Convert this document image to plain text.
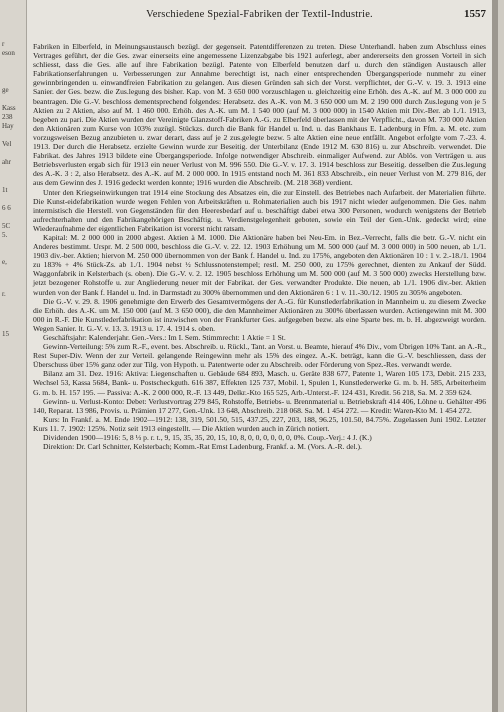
r
eson
ge
Kass
238
Hay
Vel
ahr
1t
6 6
5C
5.
e,
r.
15
Verschiedene Spezial-Fabriken der Textil-Industrie.	1557

Fabriken in Elberfeld, in Meinungsaustausch bezügl. der gegenseit. Patentdifferenzen zu treten. Diese Unterhandl. haben zum Abschluss eines Vertrages geführt, der die Ges. zwar einerseits eine angemessene Lizenzabgabe bis 1921 auferlegt, aber andererseits den grossen Vorteil in sich schliesst, dass die Ges. alle auf ihre Fabrikation bezügl. Patente von Elberfeld benutzen darf u. durch den ständigen Austausch aller Fabrikationserfahrungen u. Verbesserungen zur Annahme berechtigt ist, nach einer entsprechenden Übergangsperiode nunmehr zu einer gewinnbringenden u. einwandfreien Fabrikation zu gelangen. Aus diesen Gründen sah sich der Vorst. verpflichtet, der G.-V. v. 19. 3. 1913 eine Sanier. der Ges. bezw. die Zus.legung des bisher. Kap. von M. 3 650 000 vorzuschlagen u. gleichzeitig eine Erhöh. des A.-K. auf M. 3 000 000 zu beantragen. Die G.-V. beschloss dementsprechend folgendes: Herabsetz. des A.-K. von M. 3 650 000 um M. 2 190 000 durch Zus.legung von je 5 Aktien zu 2 Aktien, also auf M. 1 460 000. Erhöh. des A.-K. um M. 1 540 000 (auf M. 3 000 000) in 1540 Aktien mit Div.-Ber. ab 1./1. 1913, begeben zu pari. Die Aktien wurden der Vereinigte Glanzstoff-Fabriken A.-G. zu Elberfeld überlassen mit der Verpflicht., davon M. 730 000 Aktien den Aktionären zum Kurse von 103% zuzügl. Stückzs. durch die Bank für Handel u. Ind. u. das Bankhaus E. Ladenburg in Ffm. a. M. etc. zum vorzugsweisen Bezug anzubieten u. zwar derart, dass auf je 2 zus.gelegte bezw. 5 alte Aktien eine neue entfällt. Angebot erfolgte vom 7.-23. 4. 1913. Der durch die Herabsetz. erzielte Gewinn wurde zur Beseitig. der Unterbilanz (Ende 1912 M. 630 816) u. zur Abschreib. verwendet. Die Fabrikat. des Jahres 1913 bildete eine Übergangsperiode. Infolge notwendiger Abschreib. einmaliger Aufwend. zur Ablös. von Verträgen u. aus Betriebsverlusten ergab sich für 1913 ein neuer Verlust von M. 996 550. Die G.-V. v. 17. 3. 1914 beschloss zur Beseitig. desselben die Zus.legung des A.-K. 3 : 2, also Herabsetz. des A.-K. auf M. 2 000 000. In 1915 entstand noch M. 361 833 Abschreib., ein neuer Verlust von M. 279 816, der aus dem Gewinn des J. 1916 gedeckt werden konnte; 1916 wurden die Abschreib. (M. 218 368) verdient.

Unter den Kriegseinwirkungen trat 1914 eine Stockung des Absatzes ein, die zur Einstell. des Betriebes nach Aufarbeit. der Materialien führte. Die Kunst-eidefabrikation wurde wegen Fehlen von Arbeitskräften u. Rohmaterialien auch bis 1917 nicht wieder aufgenommen. Die Ges. nahm intermistisch die Herstell. von Gegenständen für den Heeresbedarf auf u. beschäftigt dabei etwa 300 Personen, wodurch wenigstens der Betrieb aufrechterhalten und den Fabrikangehörigen Beschäftig. u. Verdienstgelegenheit geboten, sowie ein Teil der Gen.-Unk. gedeckt wird; eine Wiederaufnahme der eigentlichen Fabrikation ist vorerst nicht ratsam.

Kapital: M. 2 000 000 in 2000 abgest. Aktien à M. 1000. Die Aktionäre haben bei Neu-Em. in Bez.-Verrecht, falls die betr. G.-V. nicht ein Anderes bestimmt. Urspr. M. 2 500 000, beschloss die G.-V. v. 22. 12. 1903 Erhöhung um M. 500 000 (auf M. 3 000 000) in 500 neuen, ab 1./1. 1903 div.-ber. Aktien; hiervon M. 250 000 übernommen von der Bank f. Handel u. Ind. zu 175%, angeboten den Aktionären 10 : 1 v. 2.-18./1. 1904 zu 183% + 4% Stück-Zs. ab 1./1. 1904 nebst ½ Schlussnotenstempel; restl. M. 250 000, zu 175% gerechnet, dienten zu Ankauf der Südd. Waggonfabrik in Kelsterbach (s. oben). Die G.-V. v. 2. 12. 1905 beschloss Erhöhung um M. 500 000 (auf M. 3 500 000) zwecks Herstellung bzw. jetzt bezogener Rohstoffe u. zur Angliederung neuer mit der Fabrikat. der Ges. verwandter Produkte. Die neuen, ab 1./1. 1906 div.-ber. Aktien wurden von der Bank f. Handel u. Ind. in Darmstadt zu 300% übernommen und den Aktionären 6 : 1 v. 11.-30./12. 1905 zu 305% angeboten.

Die G.-V. v. 29. 8. 1906 genehmigte den Erwerb des Gesamtvermögens der A.-G. für Kunstlederfabrikation in Mannheim u. zu diesem Zwecke die Erhöh. des A.-K. um M. 150 000 (auf M. 3 650 000), die den Mannheimer Aktionären zu 300% überlassen wurden. Actiengewinn mit M. 300 000 in R.-F. Die Kunstlederfabrikation ist inzwischen von der Frankfurter Ges. aufgegeben bezw. als eine Sparte bes. m. b. H. abgezweigt worden. Wegen Sanier. lt. G.-V. v. 13. 3. 1913 u. 17. 4. 1914 s. oben.

Geschäftsjahr: Kalenderjahr. Gen.-Vers.: Im I. Sem. Stimmrecht: 1 Aktie = 1 St.

Gewinn-Verteilung: 5% zum R.-F., event. bes. Abschreib. u. Rückl., Tant. an Vorst. u. Beamte, hierauf 4% Div., vom Übrigen 10% Tant. an A.-R., Rest Super-Div. Wenn der zur Verteil. gelangende Reingewinn mehr als 15% des eingez. A.-K. beträgt, kann die G.-V. beschliessen, dass der Überschuss über 15% ganz oder zur Tilg. von Hypoth. u. Patentwerte oder zu Abschreib. oder Förderung von Spez.-Res. verwandt werde.

Bilanz am 31. Dez. 1916: Aktiva: Liegenschaften u. Gebäude 684 893, Masch. u. Geräte 838 677, Patente 1, Waren 105 173, Debit. 215 233, Wechsel 53, Kassa 5684, Bank- u. Postscheckguth. 616 387, Effekten 125 737, Mobil. 1, Spulen 1, Kunstlederwerke G. m. b. H. 585, Arbeiterheim G. m. b. H. 157 195. — Passiva: A.-K. 2 000 000, R.-F. 13 449, Delkr.-Kto 165 525, Arb.-Unterst.-F. 124 431, Kredit. 56 218, Sa. M. 2 359 624.

Gewinn- u. Verlust-Konto: Debet: Verlustvortrag 279 845, Rohstoffe, Betriebs- u. Brennmaterial u. Betriebskraft 414 406, Löhne u. Gehälter 496 140, Reparat. 13 986, Provis. u. Prämien 17 277, Gen.-Unk. 13 648, Abschreib. 218 068. Sa. M. 1 454 272. — Kredit: Waren-Kto M. 1 454 272.

Kurs: In Frankf. a. M. Ende 1902—1912: 138, 319, 501.50, 515, 437.25, 227, 203, 188, 96.25, 101.50, 84.75%. Zugelassen Juni 1902. Letzter Kurs 11. 7. 1902: 125%. Notiz seit 1913 eingestellt. — Die Aktien wurden auch in Zürich notiert.

Dividenden 1900—1916: 5, 8 ⅓ p. r. t., 9, 15, 35, 35, 20, 15, 10, 8, 0, 0, 0, 0, 0, 0, 0%. Coup.-Verj.: 4 J. (K.)

Direktion: Dr. Carl Schnitter, Kelsterbach; Komm.-Rat Ernst Ladenburg, Frankf. a. M. (Vors. A.-R. del.).
